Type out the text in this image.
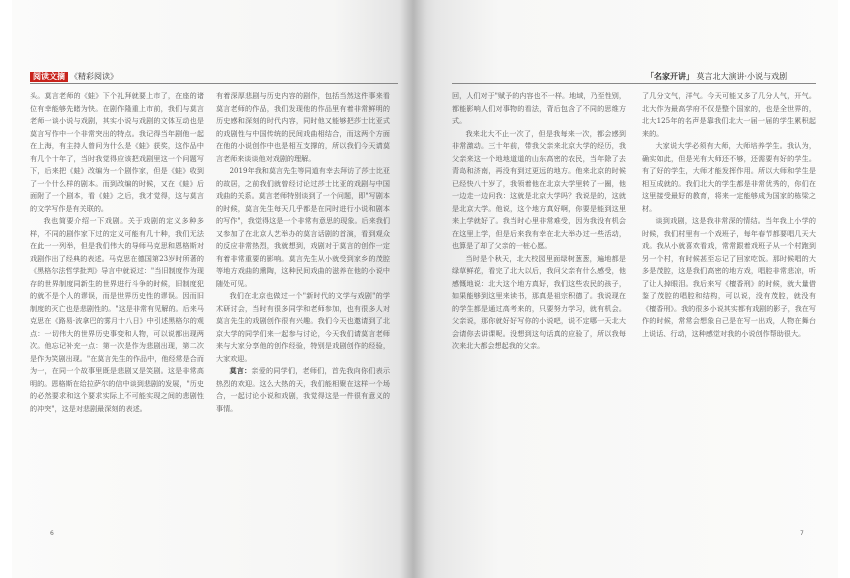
阅读文摘 《精彩阅读》	「名家开讲」 莫言北大演讲·小说与戏剧

头。莫言老师的《蛙》下个礼拜就要上市了，在座的诸位有幸能够先睹为快。在剧作隆重上市前，我们与莫言老师一谈小说与戏剧，其实小说与戏剧的文体互动也是莫言写作中一个非常突出的特点。我记得当年剧他一起在上海，有主持人曾问为什么是《蛙》获奖，这作品中有几个十年了，当时我觉得应该把戏剧里这一个问题写下，后来把《蛙》改编为一个剧作家，但是《蛙》收到了一个什么样的剧本。而到改编的时候，又在《蛙》后面附了一个剧本，看《蛙》之后，我才觉得，这与莫言的文学写作是有关联的。

我也简要介绍一下戏剧。关于戏剧的定义多种多样，不同的剧作家下过的定义可能有几十种，我们无法在此一一列举，但是我们伟大的导师马克思和恩格斯对戏剧作出了经典的表述。马克思在德国第23岁时所著的《黑格尔法哲学批判》导言中就说过："当旧制度作为现存的世界制度同新生的世界进行斗争的时候，旧制度犯的就不是个人的谬误，而是世界历史性的谬误。因而旧制度的灭亡也是悲剧性的。"这是非常有见解的。后来马克思在《路易·波拿巴的雾月十八日》中引述黑格尔的观点：一切伟大的世界历史事变和人物，可以说都出现两次。他忘记补充一点：第一次是作为悲剧出现，第二次是作为笑剧出现。"在莫言先生的作品中，他经常是合而为一，在同一个故事里既是悲剧又是笑剧。这是非常高明的。恩格斯在给拉萨尔的信中谈到悲剧的发展，"历史的必然要求和这个要求实际上不可能实现之间的悲剧性的冲突"，这是对悲剧最深刻的表述。

有着深厚悲剧与历史内容的剧作，包括当然这件事来看莫言老师的作品，我们发现他的作品里有着非常鲜明的历史感和深刻的时代内容，同时他又能够把莎士比亚式的戏剧性与中国传统的民间戏曲相结合，而这两个方面在他的小说创作中也是相互支撑的，所以我们今天请莫言老师来谈谈他对戏剧的理解。

2019年我和莫言先生等同道有幸去拜访了莎士比亚的故居，之前我们就曾经讨论过莎士比亚的戏剧与中国戏曲的关系。莫言老师特别谈到了一个问题，即"写剧本的时候，莫言先生每天几乎都是在同时进行小说和剧本的写作"，我觉得这是一个非常有意思的现象。后来我们又参加了在北京人艺举办的莫言话剧的首演，看到观众的反应非常热烈，我就想到，戏剧对于莫言的创作一定有着非常重要的影响。莫言先生从小就受到家乡的茂腔等地方戏曲的熏陶，这种民间戏曲的滋养在他的小说中随处可见。

我们在北京也做过一个"新时代的文学与戏剧"的学术研讨会，当时有很多同学和老师参加，也有很多人对莫言先生的戏剧创作很有兴趣。我们今天也邀请到了北京大学的同学们来一起参与讨论，今天我们请莫言老师来与大家分享他的创作经验，特别是戏剧创作的经验，大家欢迎。

莫言：亲爱的同学们，老师们，首先我向你们表示热烈的欢迎。这么大热的天，我们能相聚在这样一个场合，一起讨论小说和戏剧，我觉得这是一件很有意义的事情。

回，人们对于"赋予的内容也不一样。地域，乃至性别，都能影响人们对事物的看法，背后包含了不同的思维方式。

我来北大不止一次了，但是我每来一次，都会感到非常激动。三十年前，带我父亲来北京大学的经历，我父亲来这一个地地道道的山东高密的农民，当年除了去青岛和济南，再没有到过更远的地方。他来北京的时候已经快八十岁了，我领着他在北京大学里转了一圈，他一边走一边问我：这就是北京大学吗？我说是的，这就是北京大学。他说，这个地方真好啊，你要是能到这里来上学就好了。我当时心里非常难受，因为我没有机会在这里上学，但是后来我有幸在北大举办过一些活动，也算是了却了父亲的一桩心愿。

当时是个秋天，北大校园里面绿树葱葱，遍地都是绿草鲜花，看完了北大以后，我问父亲有什么感受，他感慨地说：北大这个地方真好，我们这些农民的孩子，如果能够到这里来读书，那真是祖宗积德了。我说现在的学生都是通过高考来的，只要努力学习，就有机会。父亲说，那你就好好写你的小说吧，说不定哪一天北大会请你去讲课呢。没想到这句话真的应验了，所以我每次来北大都会想起我的父亲。

了几分文气，洋气。今天可能又多了几分人气，开气。北大作为最高学府不仅是整个国家的，也是全世界的，北大125年的名声是靠我们北大一届一届的学生累积起来的。

大家说大学必须有大师，大师培养学生。我认为，确实如此，但是光有大师还不够，还需要有好的学生。有了好的学生，大师才能发挥作用。所以大师和学生是相互成就的。我们北大的学生都是非常优秀的，你们在这里接受最好的教育，将来一定能够成为国家的栋梁之材。

谈到戏剧，这是我非常深的情结。当年我上小学的时候，我们村里有一个戏班子，每年春节都要唱几天大戏。我从小就喜欢看戏，常常跟着戏班子从一个村跑到另一个村，有时候甚至忘记了回家吃饭。那时候唱的大多是茂腔，这是我们高密的地方戏，唱腔非常悲凉，听了让人掉眼泪。我后来写《檀香刑》的时候，就大量借鉴了茂腔的唱腔和结构，可以说，没有茂腔，就没有《檀香刑》。我的很多小说其实都有戏剧的影子，我在写作的时候，常常会想象自己是在写一出戏，人物在舞台上说话、行动，这种感觉对我的小说创作帮助很大。

6	7
